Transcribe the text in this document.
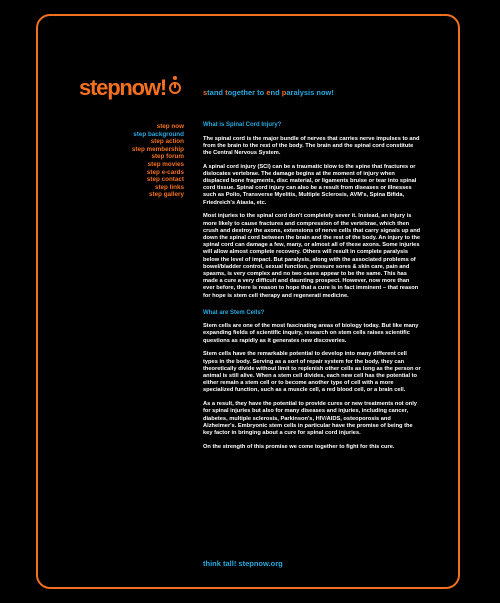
stepnow!	stand together to end paralysis now!
step now
step background
step action
step membership
step forum
step movies
step e-cards
step contact
step links
step gallery
What is Spinal Cord Injury?

The spinal cord is the major bundle of nerves that carries nerve impulses to and from the brain to the rest of the body. The brain and the spinal cord constitute the Central Nervous System.

A spinal cord injury (SCI) can be a traumatic blow to the spine that fractures or dislocates vertebrae. The damage begins at the moment of injury when displaced bone fragments, disc material, or ligaments bruise or tear into spinal cord tissue. Spinal cord injury can also be a result from diseases or illnesses such as Polio, Transverse Myelitis, Multiple Sclerosis, AVM's, Spina Bifida, Friedreich's Ataxia, etc.

Most injuries to the spinal cord don't completely sever it. Instead, an injury is more likely to cause fractures and compression of the vertebrae, which then crush and destroy the axons, extensions of nerve cells that carry signals up and down the spinal cord between the brain and the rest of the body. An injury to the spinal cord can damage a few, many, or almost all of these axons. Some injuries will allow almost complete recovery. Others will result in complete paralysis below the level of impact. But paralysis, along with the associated problems of bowel/bladder control, sexual function, pressure sores & skin care, pain and spasms, is very complex and no two cases appear to be the same. This has made a cure a very difficult and daunting prospect. However, now more than ever before, there is reason to hope that a cure is in fact imminent – that reason for hope is stem cell therapy and regenerati medicine.

What are Stem Cells?

Stem cells are one of the most fascinating areas of biology today. But like many expanding fields of scientific inquiry, research on stem cells raises scientific questions as rapidly as it generates new discoveries.

Stem cells have the remarkable potential to develop into many different cell types in the body. Serving as a sort of repair system for the body, they can theoretically divide without limit to replenish other cells as long as the person or animal is still alive. When a stem cell divides, each new cell has the potential to either remain a stem cell or to become another type of cell with a more specialized function, such as a muscle cell, a red blood cell, or a brain cell.

As a result, they have the potential to provide cures or new treatments not only for spinal injuries but also for many diseases and injuries, including cancer, diabetes, multiple sclerosis, Parkinson's, HIV/AIDS, osteoporosis and Alzheimer's. Embryonic stem cells in particular have the promise of being the key factor in bringing about a cure for spinal cord injuries.

On the strength of this promise we come together to fight for this cure.

think tall! stepnow.org
